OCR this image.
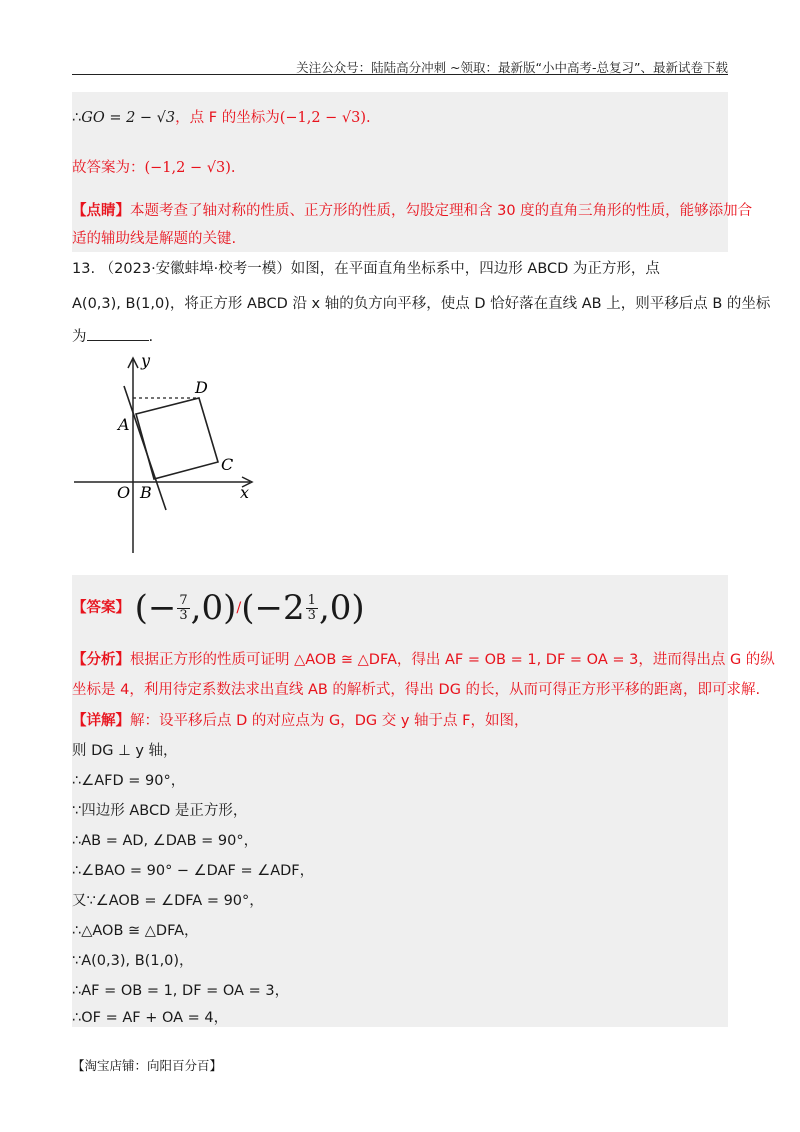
关注公众号：陆陆高分冲刺 ~领取：最新版“小中高考-总复习”、最新试卷下载
∴GO = 2 − √3，点 F 的坐标为(−1,2 − √3).
故答案为：(−1,2 − √3).
【点睛】本题考查了轴对称的性质、正方形的性质，勾股定理和含 30 度的直角三角形的性质，能够添加合
适的辅助线是解题的关键.
13. （2023·安徽蚌埠·校考一模）如图，在平面直角坐标系中，四边形 ABCD 为正方形，点
A(0,3), B(1,0)，将正方形 ABCD 沿 x 轴的负方向平移，使点 D 恰好落在直线 AB 上，则平移后点 B 的坐标
为	.
y
D
A
C
O B	x
【答案】 (− $\frac{7}{3} ,0)/(-2 \frac{1}{3} ,0)$
【分析】根据正方形的性质可证明 △AOB ≅ △DFA，得出 AF = OB = 1, DF = OA = 3，进而得出点 G 的纵
坐标是 4，利用待定系数法求出直线 AB 的解析式，得出 DG 的长，从而可得正方形平移的距离，即可求解.
【详解】解：设平移后点 D 的对应点为 G，DG 交 y 轴于点 F，如图，
则 DG ⊥ y 轴，
∴∠AFD = 90°，
∵四边形 ABCD 是正方形，
∴AB = AD, ∠DAB = 90°，
∴∠BAO = 90° − ∠DAF = ∠ADF，
又∵∠AOB = ∠DFA = 90°，
∴△AOB ≅ △DFA，
∵A(0,3), B(1,0)，
∴AF = OB = 1, DF = OA = 3，
∴OF = AF + OA = 4，
【淘宝店铺：向阳百分百】
